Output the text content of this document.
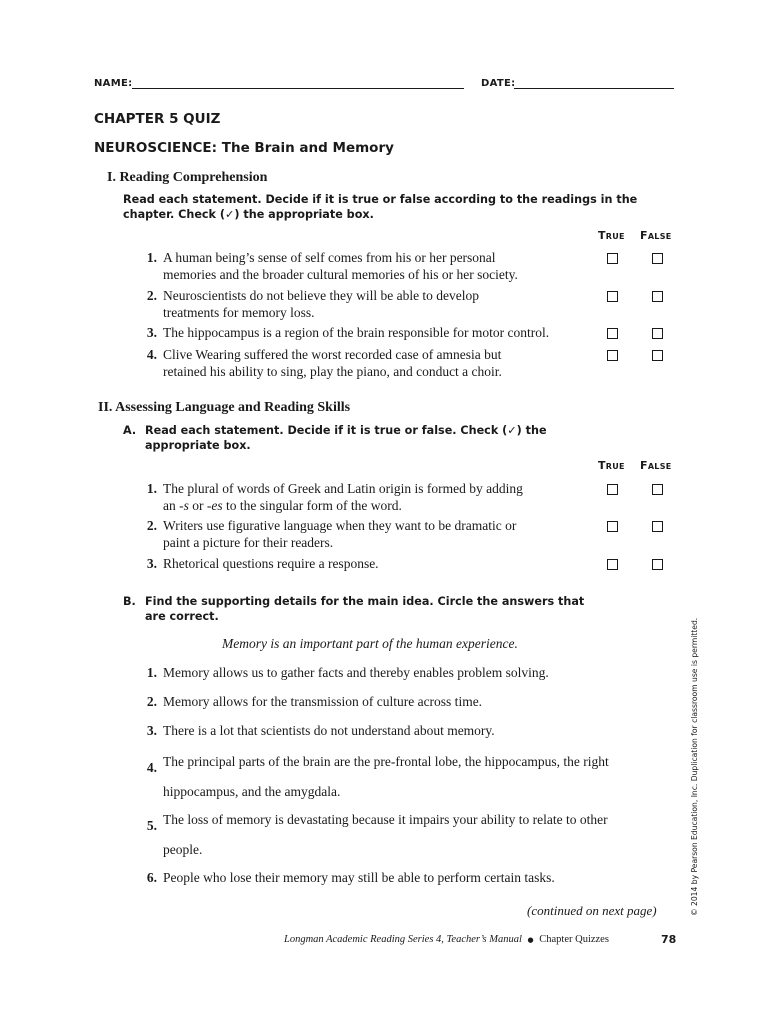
NAME:	DATE:
CHAPTER 5 QUIZ
NEUROSCIENCE: The Brain and Memory
I. Reading Comprehension
Read each statement. Decide if it is true or false according to the readings in the
chapter. Check (✓) the appropriate box.
True False
1. A human being’s sense of self comes from his or her personal
memories and the broader cultural memories of his or her society.
2. Neuroscientists do not believe they will be able to develop
treatments for memory loss.
3. The hippocampus is a region of the brain responsible for motor control.
4. Clive Wearing suffered the worst recorded case of amnesia but
retained his ability to sing, play the piano, and conduct a choir.
II. Assessing Language and Reading Skills
A. Read each statement. Decide if it is true or false. Check (✓) the
appropriate box.
True False
1. The plural of words of Greek and Latin origin is formed by adding
an -s or -es to the singular form of the word.
2. Writers use figurative language when they want to be dramatic or
paint a picture for their readers.
3. Rhetorical questions require a response.
B. Find the supporting details for the main idea. Circle the answers that
are correct.
Memory is an important part of the human experience.
1. Memory allows us to gather facts and thereby enables problem solving.
2. Memory allows for the transmission of culture across time.
3. There is a lot that scientists do not understand about memory.
4. The principal parts of the brain are the pre-frontal lobe, the hippocampus, the right
hippocampus, and the amygdala.
5. The loss of memory is devastating because it impairs your ability to relate to other
people.
6. People who lose their memory may still be able to perform certain tasks.
(continued on next page)
Longman Academic Reading Series 4, Teacher’s Manual ● Chapter Quizzes	78
© 2014 by Pearson Education, Inc. Duplication for classroom use is permitted.
